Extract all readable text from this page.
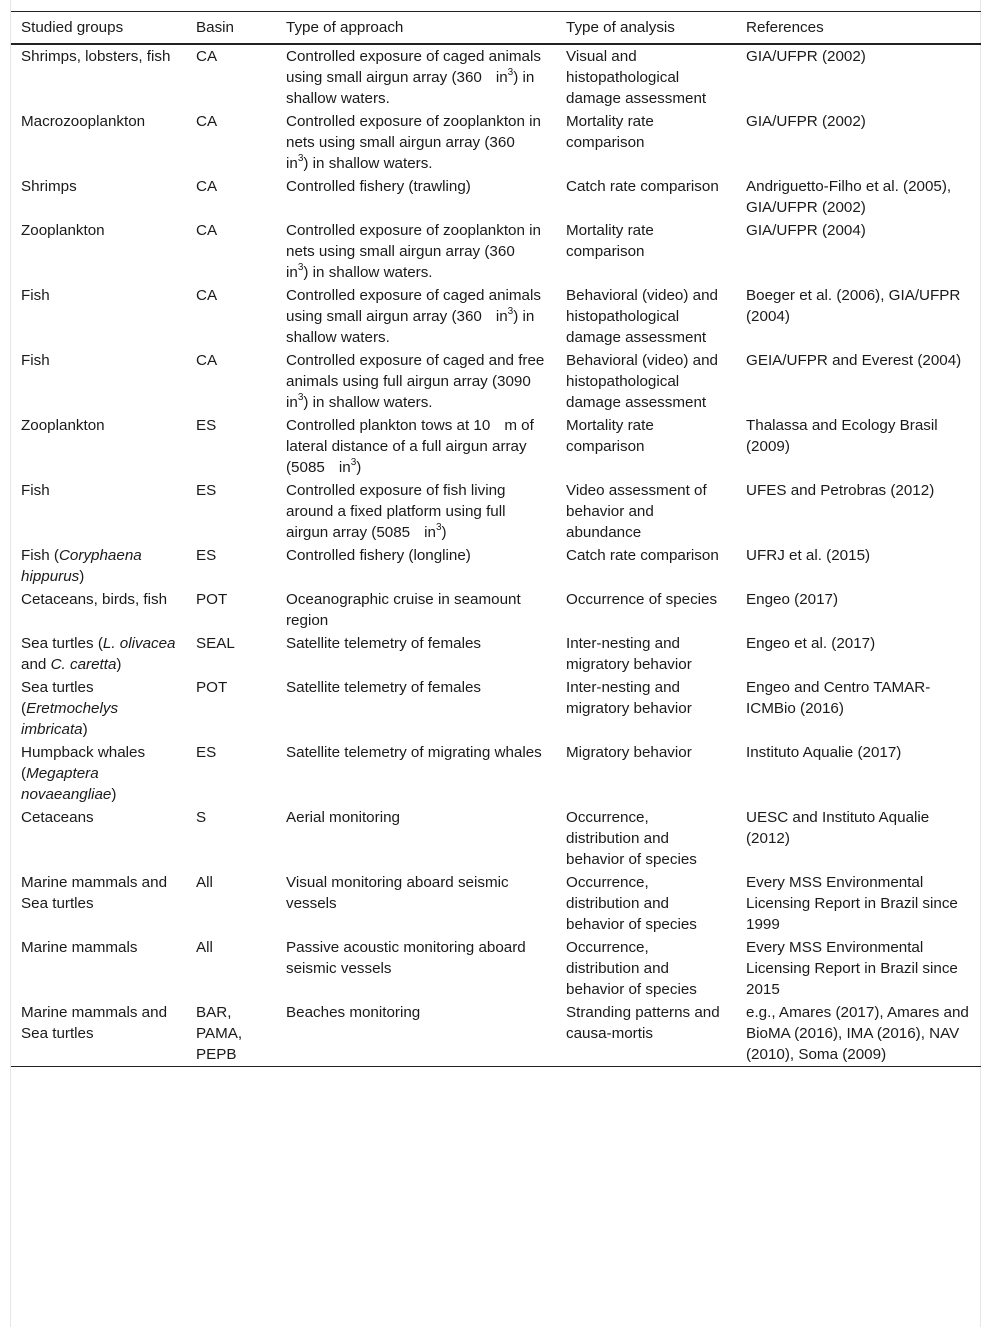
Studied groups	Basin	Type of approach	Type of analysis	References
Shrimps, lobsters, fish	CA	Controlled exposure of caged animals using small airgun array (360 $in^3$) in shallow waters.	Visual and histopathological damage assessment	GIA/UFPR (2002)
Macrozooplankton	CA	Controlled exposure of zooplankton in nets using small airgun array $(360in^3)$ in shallow waters.	Mortality rate comparison	GIA/UFPR (2002)
Shrimps	CA	Controlled fishery (trawling)	Catch rate comparison	Andriguetto-Filho et al. (2005), GIA/UFPR (2002)
Zooplankton	CA	Controlled exposure of zooplankton in nets using small airgun array $(360in^3)$ in shallow waters.	Mortality rate comparison	GIA/UFPR (2004)
Fish	CA	Controlled exposure of caged animals using small airgun array (360 $in^3$) in shallow waters.	Behavioral (video) and histopathological damage assessment	Boeger et al. (2006), GIA/UFPR (2004)
Fish	CA	Controlled exposure of caged and free animals using full airgun array $(3090in^3)$ in shallow waters.	Behavioral (video) and histopathological damage assessment	GEIA/UFPR and Everest (2004)
Zooplankton	ES	Controlled plankton tows at 10 m of lateral distance of a full airgun array (5085 $in^3$)	Mortality rate comparison	Thalassa and Ecology Brasil (2009)
Fish	ES	Controlled exposure of fish living around a fixed platform using full airgun array (5085 $in^3$)	Video assessment of behavior and abundance	UFES and Petrobras (2012)
Fish (Coryphaena hippurus)	ES	Controlled fishery (longline)	Catch rate comparison	UFRJ et al. (2015)
Cetaceans, birds, fish	POT	Oceanographic cruise in seamount region	Occurrence of species	Engeo (2017)
Sea turtles (L. olivacea and C. caretta)	SEAL	Satellite telemetry of females	Inter-nesting and migratory behavior	Engeo et al. (2017)
Sea turtles (Eretmochelys imbricata)	POT	Satellite telemetry of females	Inter-nesting and migratory behavior	Engeo and Centro TAMAR-ICMBio (2016)
Humpback whales (Megaptera novaeangliae)	ES	Satellite telemetry of migrating whales	Migratory behavior	Instituto Aqualie (2017)
Cetaceans	S	Aerial monitoring	Occurrence, distribution and behavior of species	UESC and Instituto Aqualie (2012)
Marine mammals and Sea turtles	All	Visual monitoring aboard seismic vessels	Occurrence, distribution and behavior of species	Every MSS Environmental Licensing Report in Brazil since 1999
Marine mammals	All	Passive acoustic monitoring aboard seismic vessels	Occurrence, distribution and behavior of species	Every MSS Environmental Licensing Report in Brazil since 2015
Marine mammals and Sea turtles	BAR, PAMA, PEPB	Beaches monitoring	Stranding patterns and causa-mortis	e.g., Amares (2017), Amares and BioMA (2016), IMA (2016), NAV (2010), Soma (2009)
